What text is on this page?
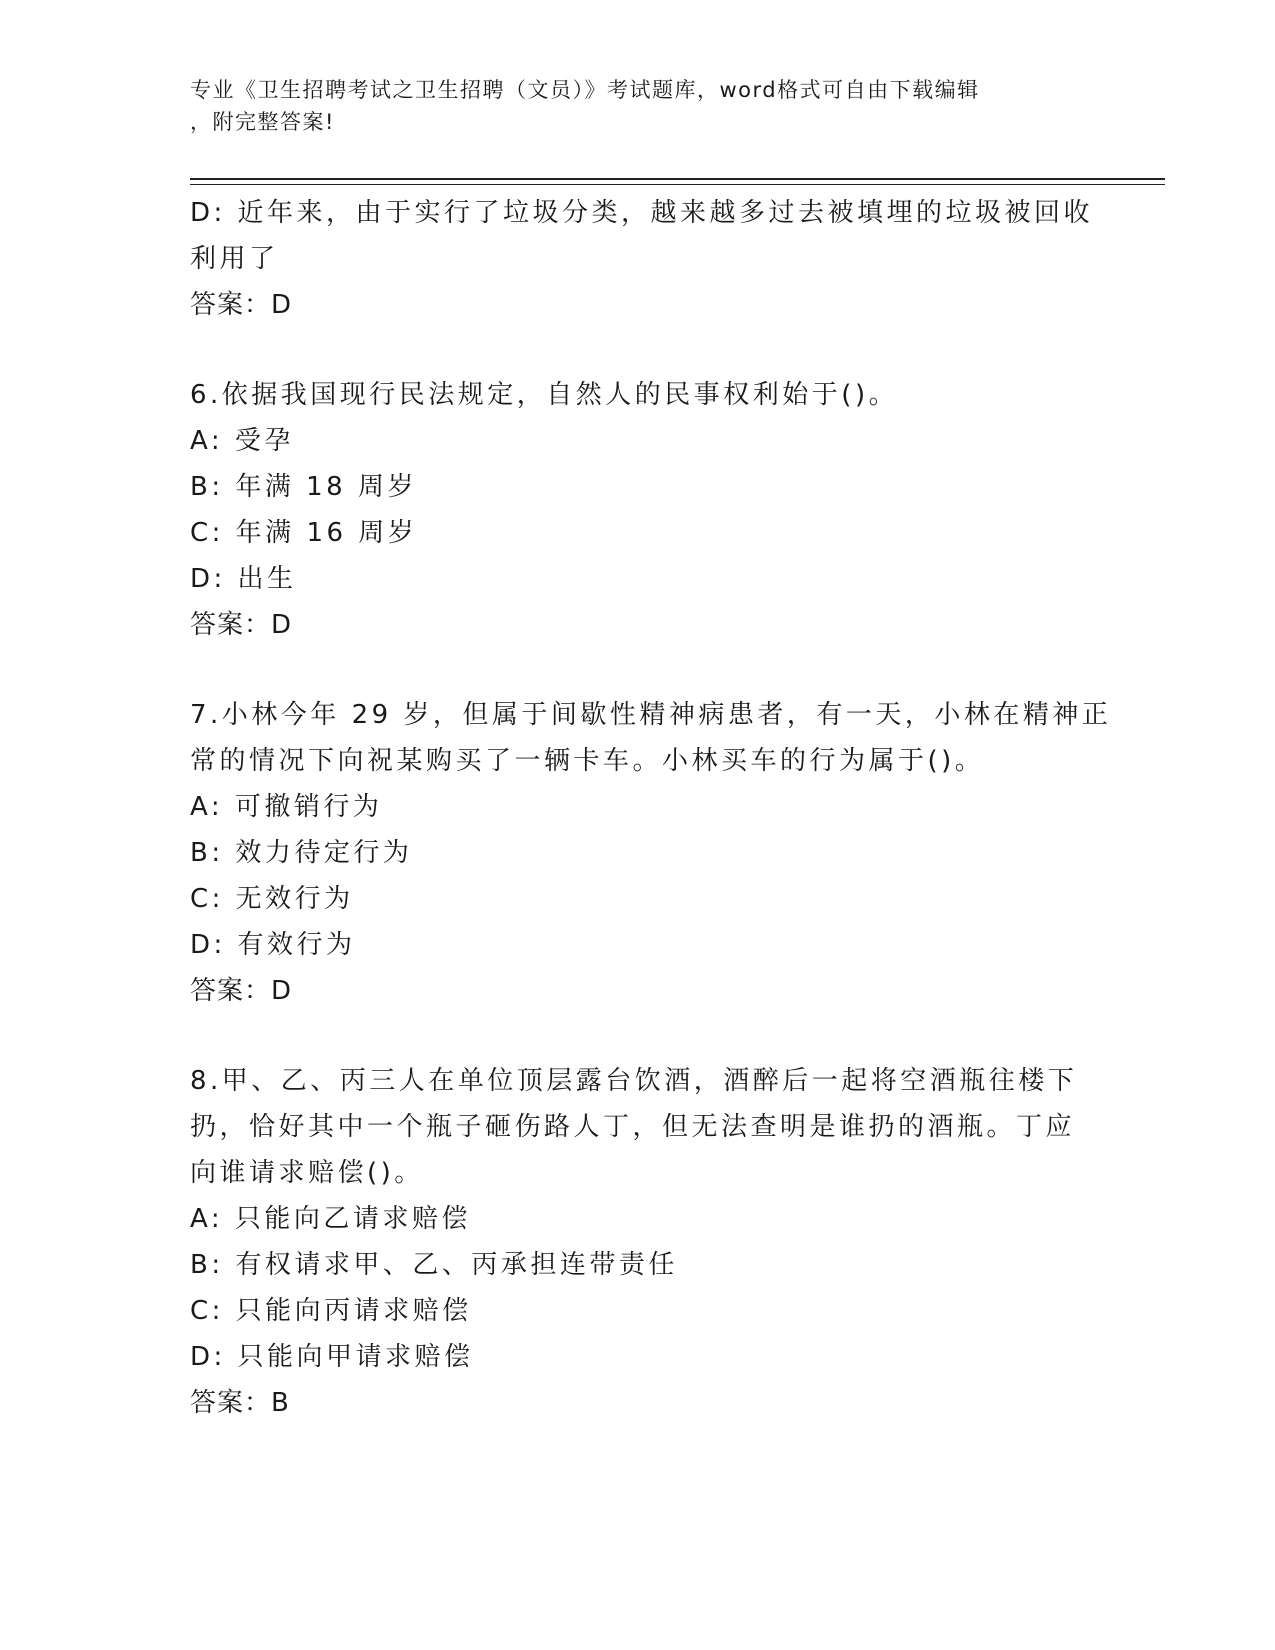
专业《卫生招聘考试之卫生招聘（文员）》考试题库，word格式可自由下载编辑
，附完整答案!
D: 近年来，由于实行了垃圾分类，越来越多过去被填埋的垃圾被回收
利用了
答案：D
6.依据我国现行民法规定，自然人的民事权利始于()。
A: 受孕
B: 年满 18 周岁
C: 年满 16 周岁
D: 出生
答案：D
7.小林今年 29 岁，但属于间歇性精神病患者，有一天，小林在精神正
常的情况下向祝某购买了一辆卡车。小林买车的行为属于()。
A: 可撤销行为
B: 效力待定行为
C: 无效行为
D: 有效行为
答案：D
8.甲、乙、丙三人在单位顶层露台饮酒，酒醉后一起将空酒瓶往楼下
扔，恰好其中一个瓶子砸伤路人丁，但无法查明是谁扔的酒瓶。丁应
向谁请求赔偿()。
A: 只能向乙请求赔偿
B: 有权请求甲、乙、丙承担连带责任
C: 只能向丙请求赔偿
D: 只能向甲请求赔偿
答案：B
